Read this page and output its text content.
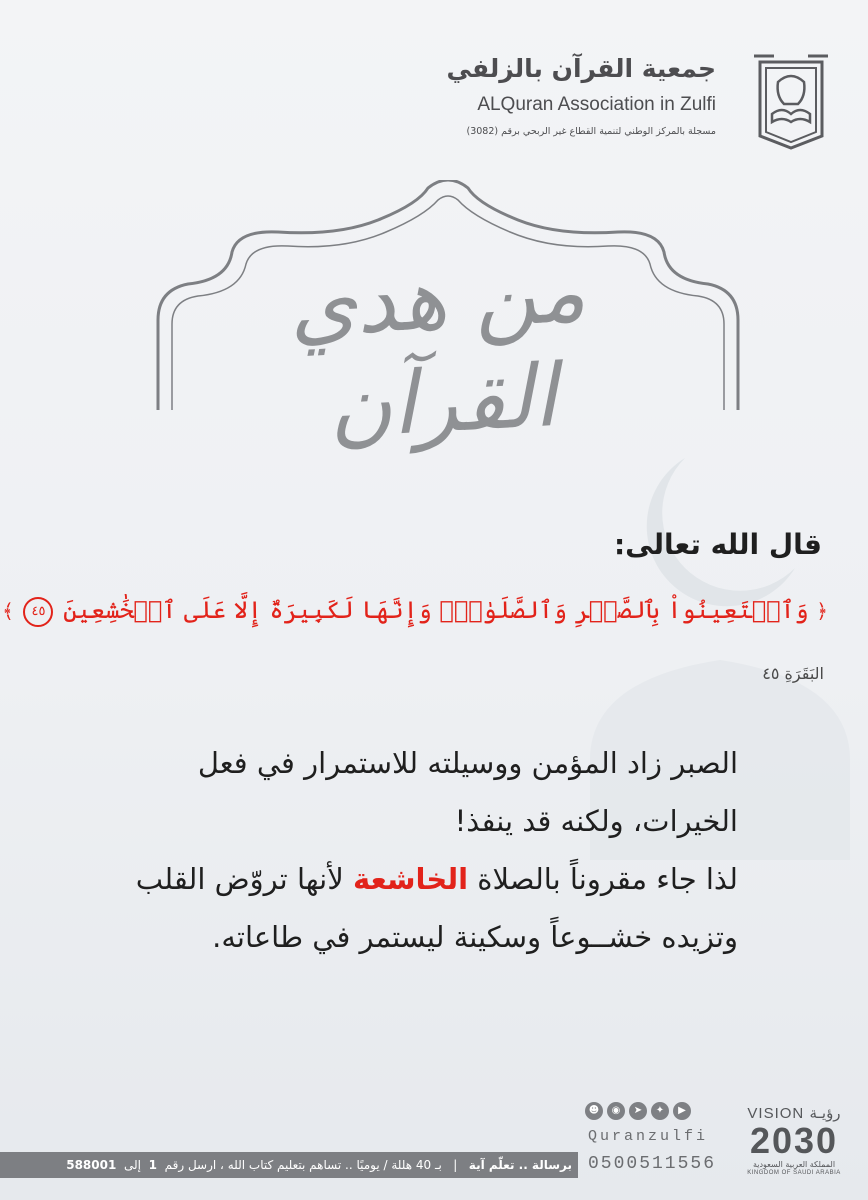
جمعية القرآن بالزلفي
ALQuran Association in Zulfi
مسجلة بالمركز الوطني لتنمية القطاع غير الربحي برقم (3082)
من هدي القرآن
قال الله تعالى:
﴿ وَٱسۡتَعِينُواْ بِٱلصَّبۡرِ وَٱلصَّلَوٰةِۚ وَإِنَّهَا لَكَبِيرَةٌ إِلَّا عَلَى ٱلۡخَٰشِعِينَ ٤٥ ﴾
البَقَرَةِ ٤٥
الصبر زاد المؤمن ووسيلته للاستمرار في فعل
الخيرات، ولكنه قد ينفذ!
لذا جاء مقروناً بالصلاة الخاشعة لأنها تروّض القلب
وتزيده خشــوعاً وسكينة ليستمر في طاعاته.
☻	◉	➤	✦	▶
Quranzulfi
0500511556
برسالة .. تعلّم آية   |   بـ 40 هللة / يوميًا .. تساهم بتعليم كتاب الله ، ارسل رقم  1  إلى  588001
VISION رؤيـة
2030
المملكة العربية السعودية
KINGDOM OF SAUDI ARABIA
